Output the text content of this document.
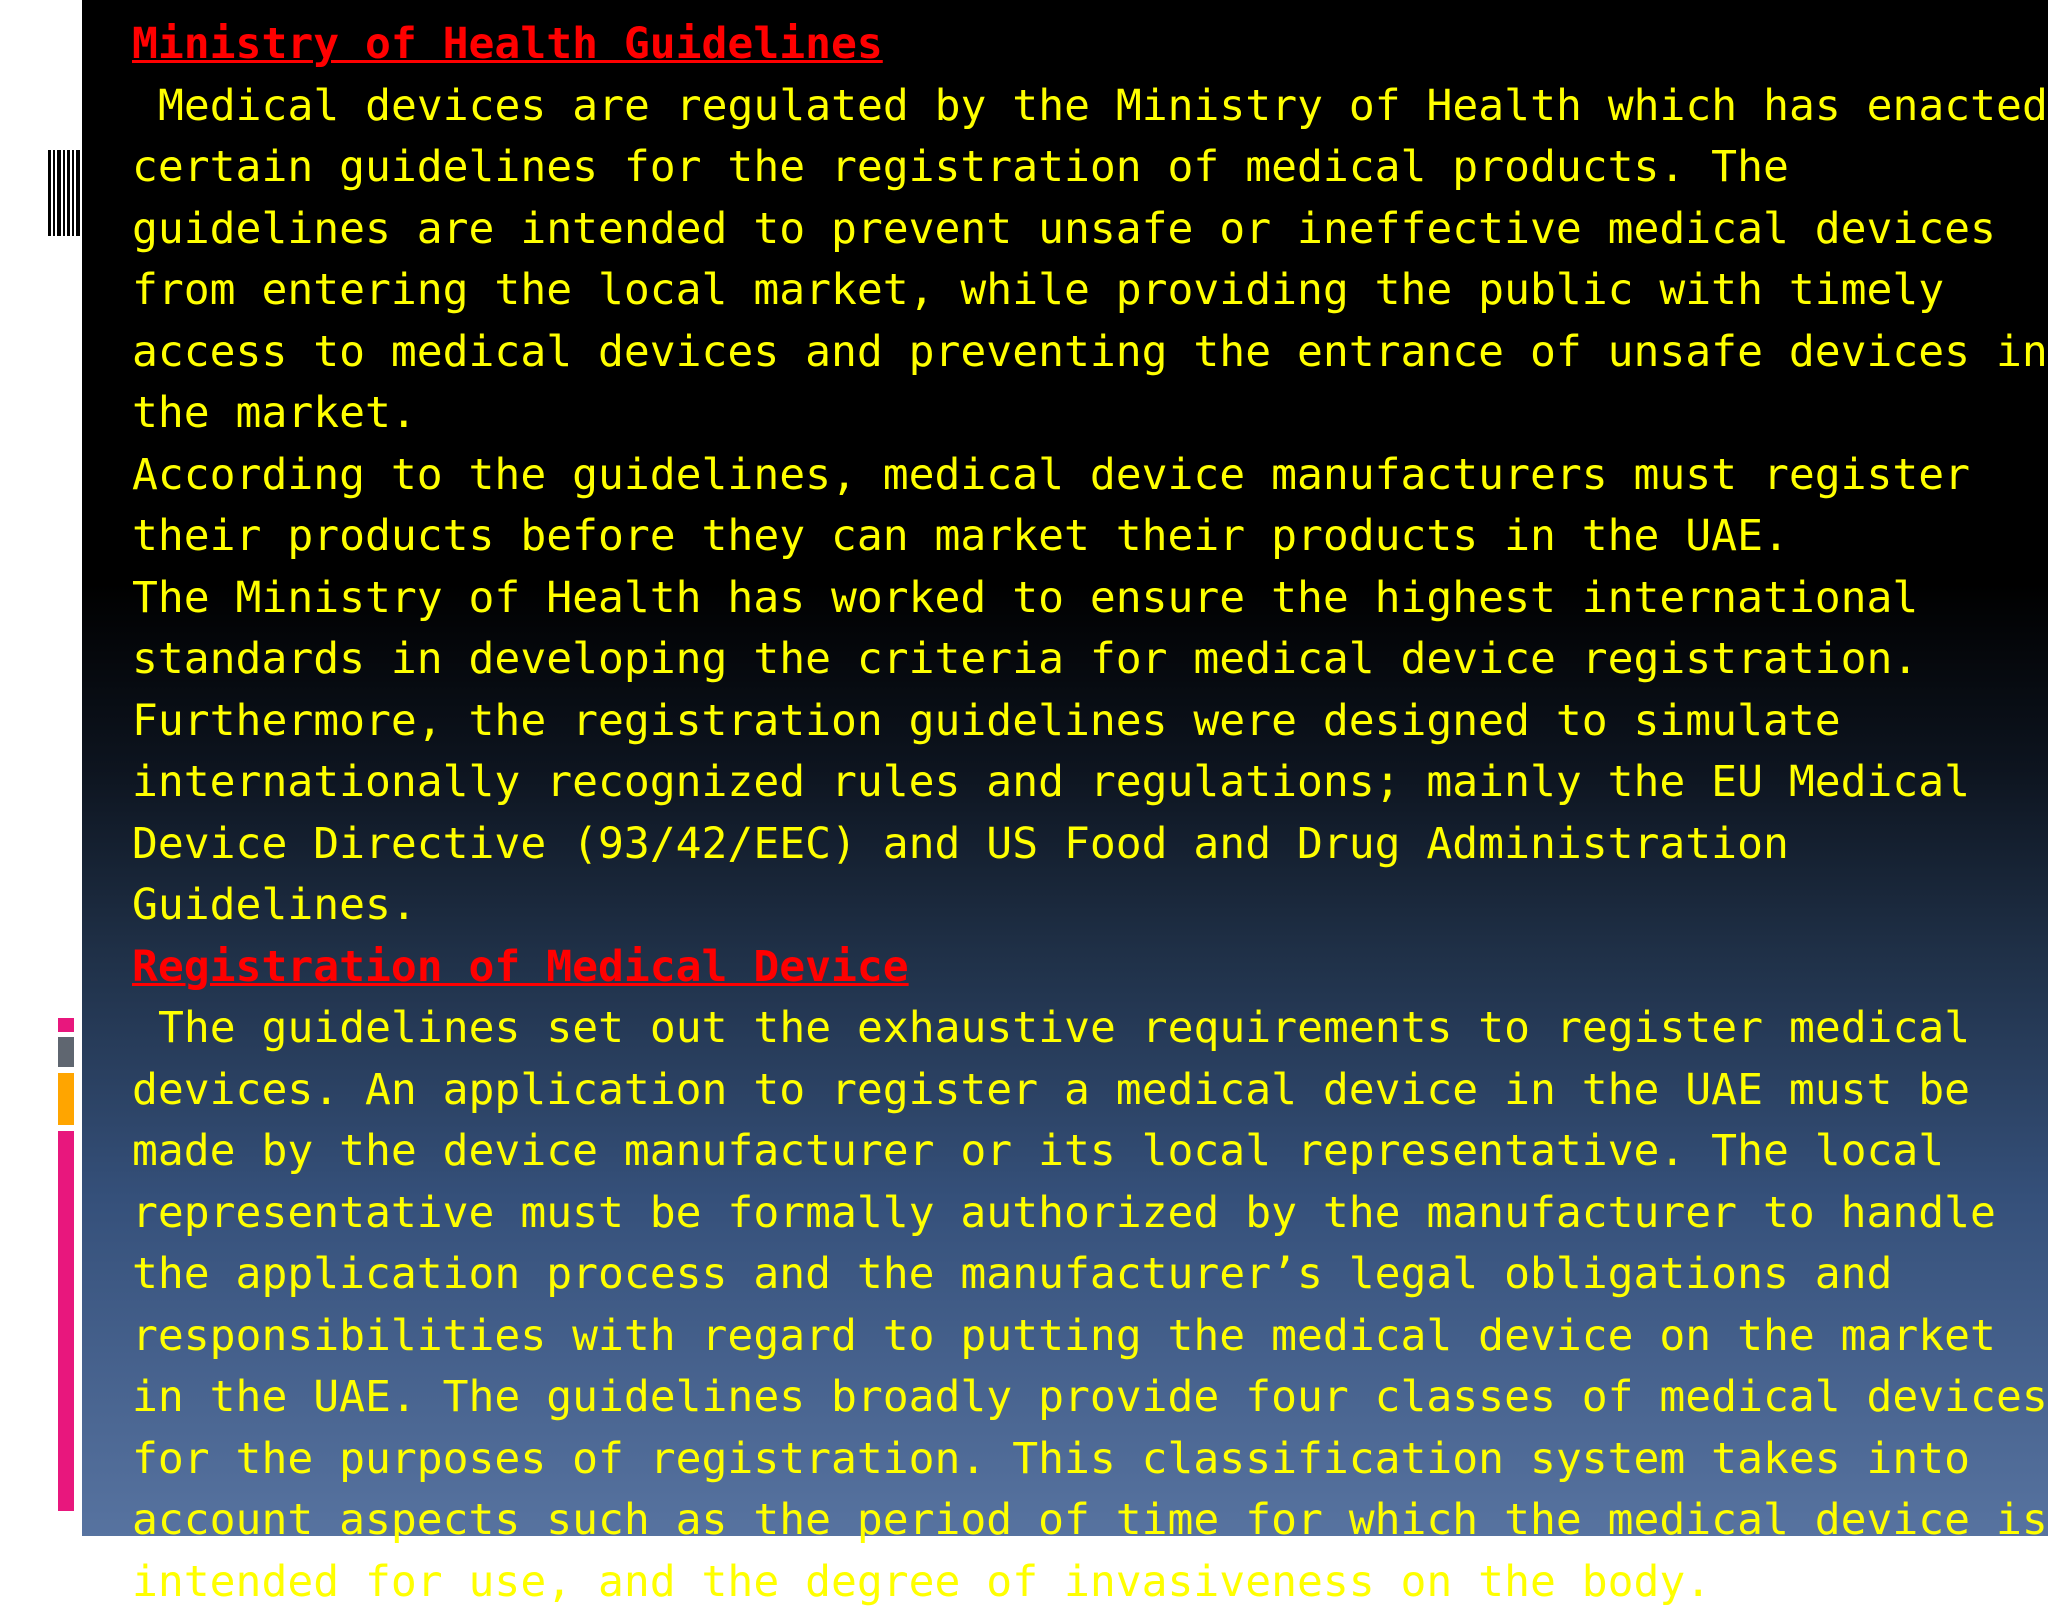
Ministry of Health Guidelines

Medical devices are regulated by the Ministry of Health which has enacted certain guidelines for the registration of medical products. The guidelines are intended to prevent unsafe or ineffective medical devices from entering the local market, while providing the public with timely access to medical devices and preventing the entrance of unsafe devices in the market.

According to the guidelines, medical device manufacturers must register their products before they can market their products in the UAE.

The Ministry of Health has worked to ensure the highest international standards in developing the criteria for medical device registration. Furthermore, the registration guidelines were designed to simulate internationally recognized rules and regulations; mainly the EU Medical Device Directive (93/42/EEC) and US Food and Drug Administration Guidelines.

Registration of Medical Device

The guidelines set out the exhaustive requirements to register medical devices. An application to register a medical device in the UAE must be made by the device manufacturer or its local representative. The local representative must be formally authorized by the manufacturer to handle the application process and the manufacturer’s legal obligations and responsibilities with regard to putting the medical device on the market in the UAE. The guidelines broadly provide four classes of medical devices for the purposes of registration. This classification system takes into account aspects such as the period of time for which the medical device is intended for use, and the degree of invasiveness on the body.
